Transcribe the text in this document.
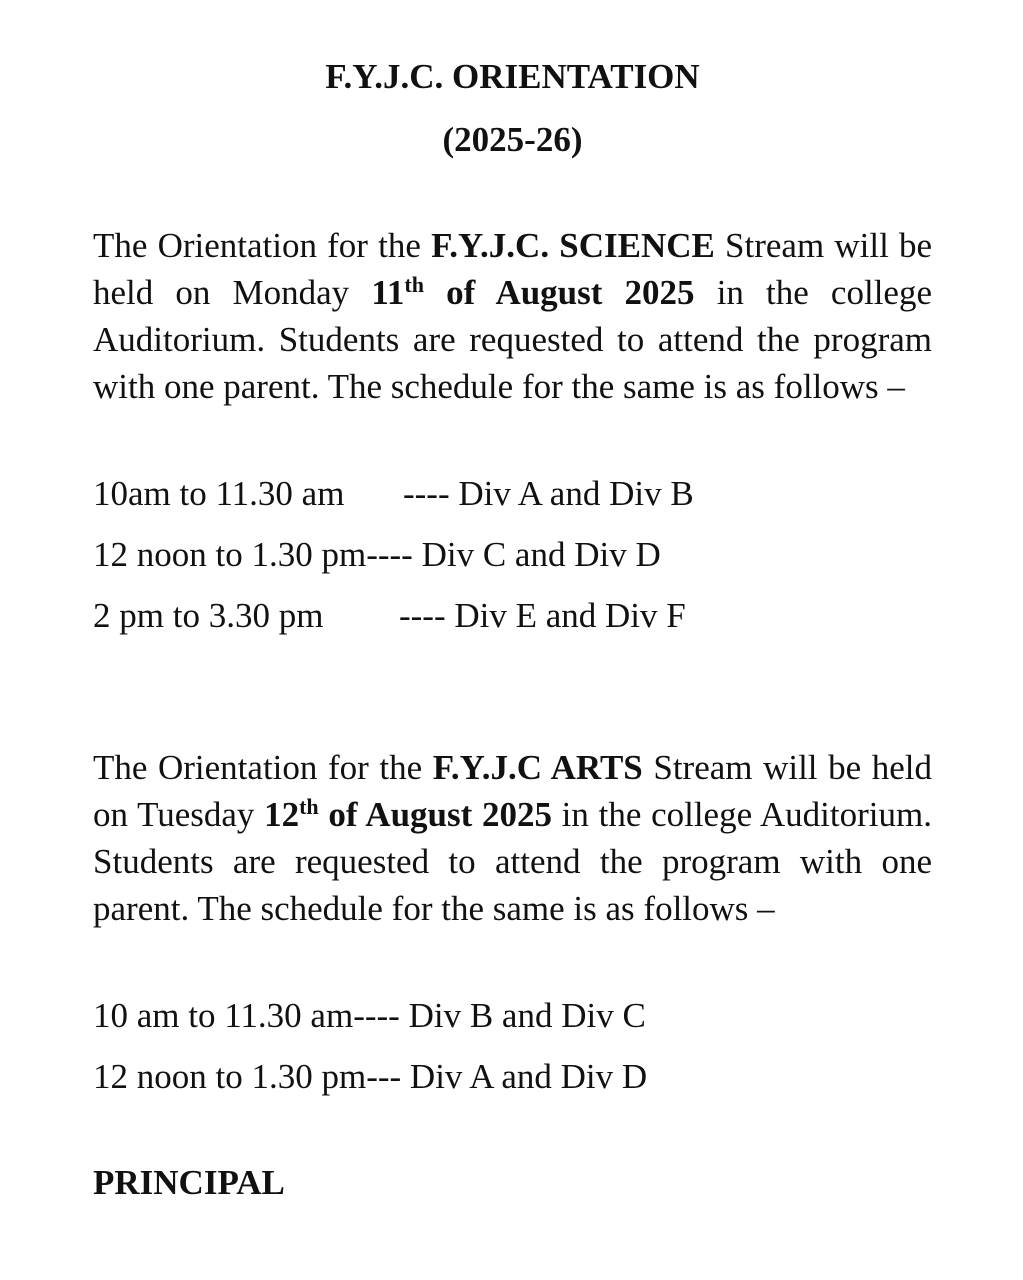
F.Y.J.C. ORIENTATION
(2025-26)

The Orientation for the F.Y.J.C. SCIENCE Stream will be held on Monday 11th of August 2025 in the college Auditorium. Students are requested to attend the program with one parent. The schedule for the same is as follows –

10am to 11.30 am ---- Div A and Div B

12 noon to 1.30 pm---- Div C and Div D

2 pm to 3.30 pm ---- Div E and Div F

The Orientation for the F.Y.J.C ARTS Stream will be held on Tuesday 12th of August 2025 in the college Auditorium. Students are requested to attend the program with one parent. The schedule for the same is as follows –

10 am to 11.30 am---- Div B and Div C

12 noon to 1.30 pm--- Div A and Div D

PRINCIPAL
